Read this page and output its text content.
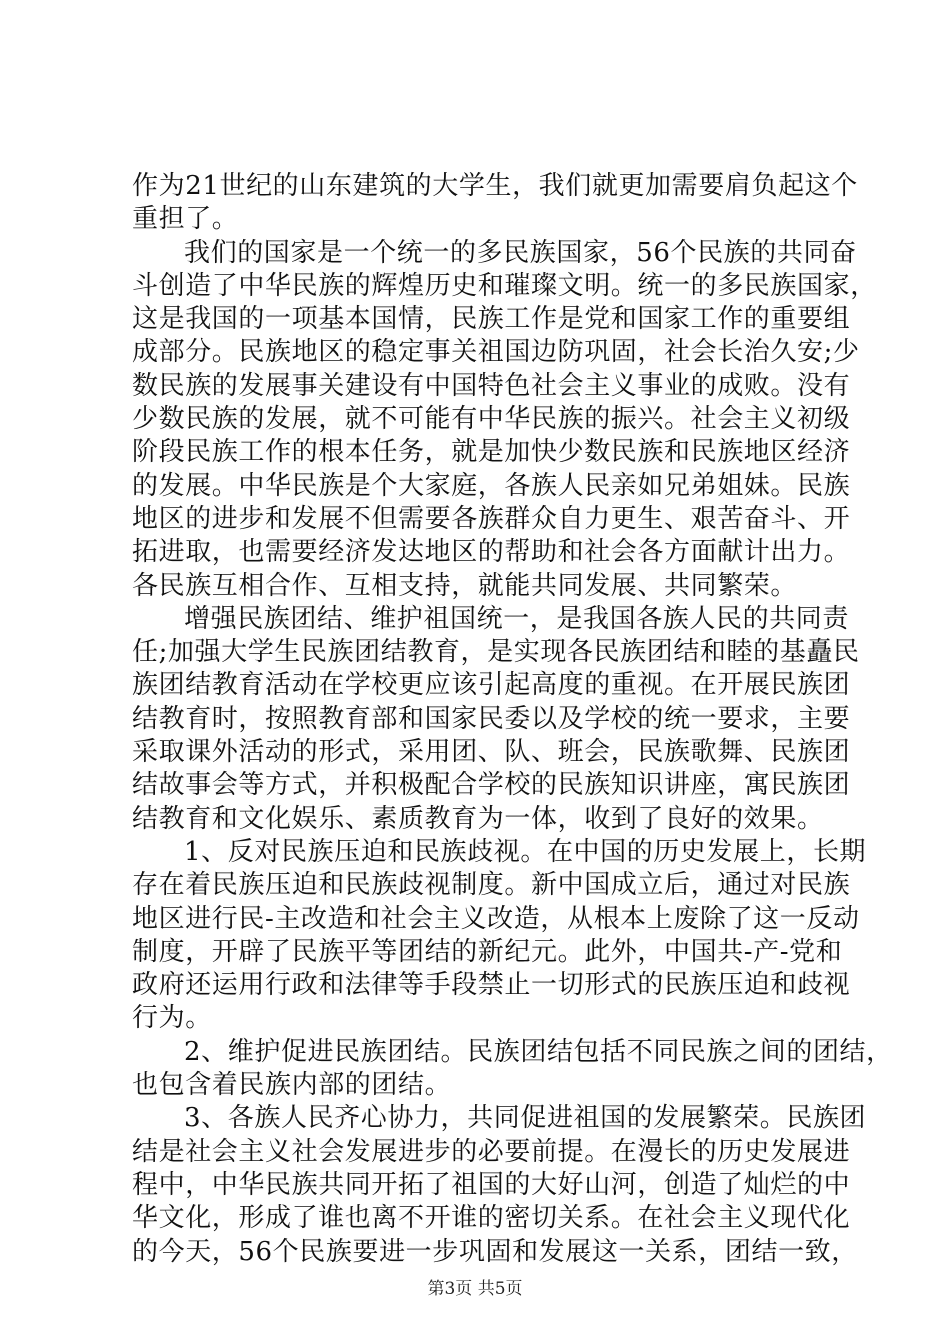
作为21世纪的山东建筑的大学生，我们就更加需要肩负起这个
重担了。
我们的国家是一个统一的多民族国家，56个民族的共同奋
斗创造了中华民族的辉煌历史和璀璨文明。统一的多民族国家，
这是我国的一项基本国情，民族工作是党和国家工作的重要组
成部分。民族地区的稳定事关祖国边防巩固，社会长治久安;少
数民族的发展事关建设有中国特色社会主义事业的成败。没有
少数民族的发展，就不可能有中华民族的振兴。社会主义初级
阶段民族工作的根本任务，就是加快少数民族和民族地区经济
的发展。中华民族是个大家庭，各族人民亲如兄弟姐妹。民族
地区的进步和发展不但需要各族群众自力更生、艰苦奋斗、开
拓进取，也需要经济发达地区的帮助和社会各方面献计出力。
各民族互相合作、互相支持，就能共同发展、共同繁荣。
增强民族团结、维护祖国统一，是我国各族人民的共同责
任;加强大学生民族团结教育，是实现各民族团结和睦的基矗民
族团结教育活动在学校更应该引起高度的重视。在开展民族团
结教育时，按照教育部和国家民委以及学校的统一要求，主要
采取课外活动的形式，采用团、队、班会，民族歌舞、民族团
结故事会等方式，并积极配合学校的民族知识讲座，寓民族团
结教育和文化娱乐、素质教育为一体，收到了良好的效果。
1、反对民族压迫和民族歧视。在中国的历史发展上，长期
存在着民族压迫和民族歧视制度。新中国成立后，通过对民族
地区进行民-主改造和社会主义改造，从根本上废除了这一反动
制度，开辟了民族平等团结的新纪元。此外，中国共-产-党和
政府还运用行政和法律等手段禁止一切形式的民族压迫和歧视
行为。
2、维护促进民族团结。民族团结包括不同民族之间的团结，
也包含着民族内部的团结。
3、各族人民齐心协力，共同促进祖国的发展繁荣。民族团
结是社会主义社会发展进步的必要前提。在漫长的历史发展进
程中，中华民族共同开拓了祖国的大好山河，创造了灿烂的中
华文化，形成了谁也离不开谁的密切关系。在社会主义现代化
的今天，56个民族要进一步巩固和发展这一关系，团结一致，
第3页 共5页
